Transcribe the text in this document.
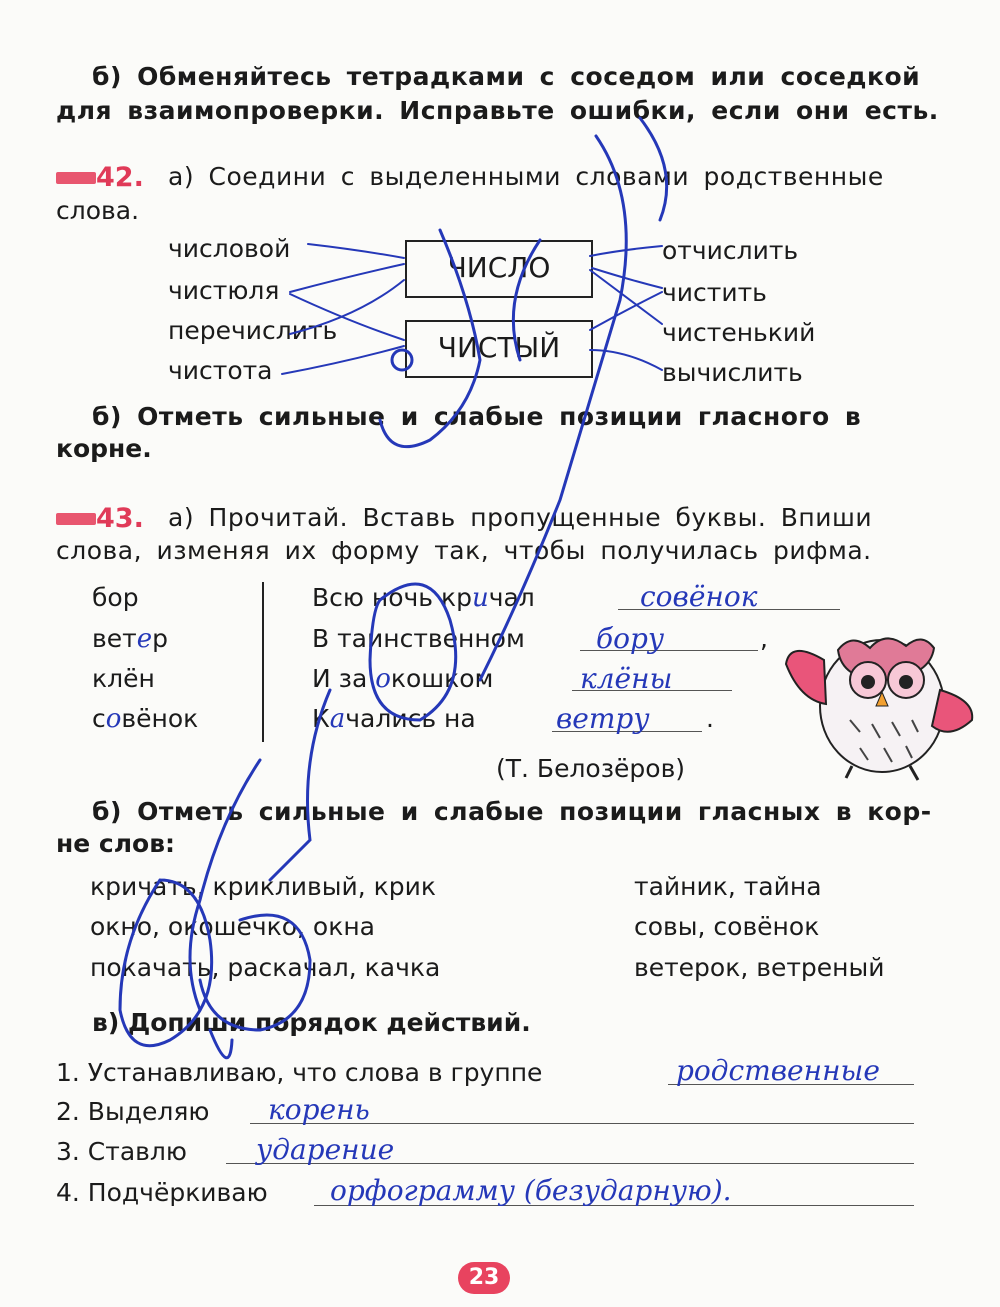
б) Обменяйтесь тетрадками с соседом или соседкой
для взаимопроверки. Исправьте ошибки, если они есть.
42. а) Соедини с выделенными словами родственные
слова.
числовой
чистюля
перечислить
чистота
ЧИСЛО
ЧИСТЫЙ
отчислить
чистить
чистенький
вычислить
б) Отметь сильные и слабые позиции гласного в
корне.
43. а) Прочитай. Вставь пропущенные буквы. Впиши
слова, изменяя их форму так, чтобы получилась рифма.
бор
ветер
клён
совёнок
Всю ночь кричал
В таинственном
И за окошком
Качались на
совёнок
бору	,
клёны
ветру .
(Т. Белозёров)
б) Отметь сильные и слабые позиции гласных в кор-
не слов:
кричать, крикливый, крик
окно, окошечко, окна
покачать, раскачал, качка
тайник, тайна
совы, совёнок
ветерок, ветреный
в) Допиши порядок действий.
1. Устанавливаю, что слова в группе	родственные
2. Выделяю корень
3. Ставлю ударение
4. Подчёркиваю орфограмму (безударную).
23
